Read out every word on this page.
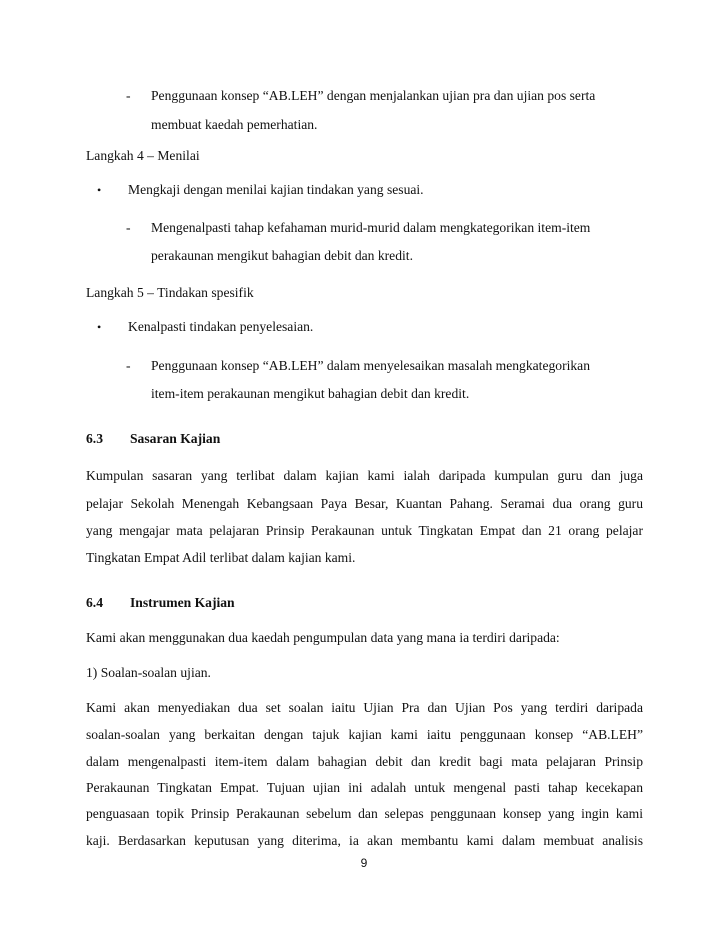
- Penggunaan konsep “AB.LEH” dengan menjalankan ujian pra dan ujian pos serta
membuat kaedah pemerhatian.
Langkah 4 – Menilai
• Mengkaji dengan menilai kajian tindakan yang sesuai.
- Mengenalpasti tahap kefahaman murid-murid dalam mengkategorikan item-item
perakaunan mengikut bahagian debit dan kredit.
Langkah 5 – Tindakan spesifik
• Kenalpasti tindakan penyelesaian.
- Penggunaan konsep “AB.LEH” dalam menyelesaikan masalah mengkategorikan
item-item perakaunan mengikut bahagian debit dan kredit.
6.3 Sasaran Kajian
Kumpulan sasaran yang terlibat dalam kajian kami ialah daripada kumpulan guru dan juga
pelajar Sekolah Menengah Kebangsaan Paya Besar, Kuantan Pahang. Seramai dua orang guru
yang mengajar mata pelajaran Prinsip Perakaunan untuk Tingkatan Empat dan 21 orang pelajar
Tingkatan Empat Adil terlibat dalam kajian kami.
6.4 Instrumen Kajian
Kami akan menggunakan dua kaedah pengumpulan data yang mana ia terdiri daripada:
1) Soalan-soalan ujian.
Kami akan menyediakan dua set soalan iaitu Ujian Pra dan Ujian Pos yang terdiri daripada
soalan-soalan yang berkaitan dengan tajuk kajian kami iaitu penggunaan konsep “AB.LEH”
dalam mengenalpasti item-item dalam bahagian debit dan kredit bagi mata pelajaran Prinsip
Perakaunan Tingkatan Empat. Tujuan ujian ini adalah untuk mengenal pasti tahap kecekapan
penguasaan topik Prinsip Perakaunan sebelum dan selepas penggunaan konsep yang ingin kami
kaji. Berdasarkan keputusan yang diterima, ia akan membantu kami dalam membuat analisis
9
